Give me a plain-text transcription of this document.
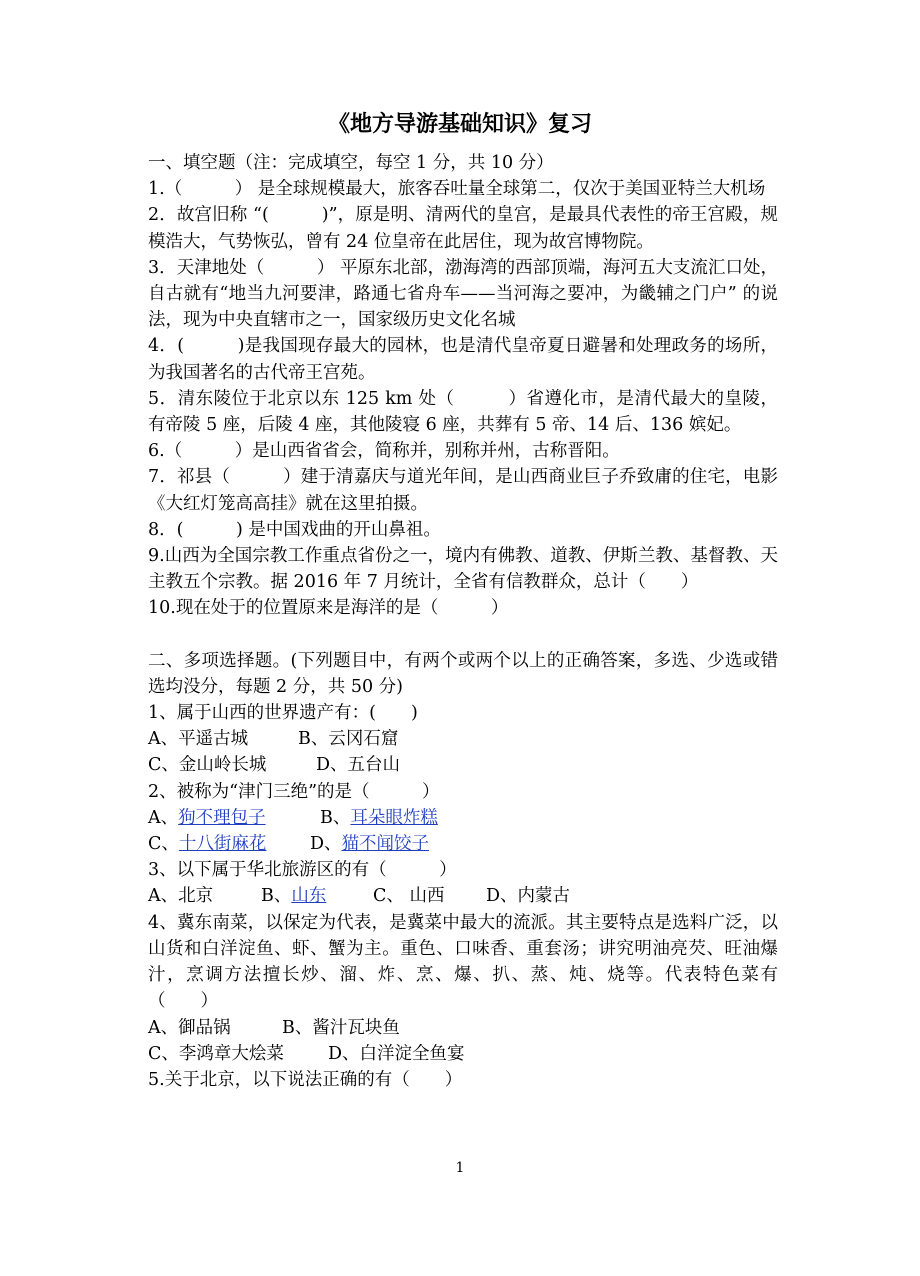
《地方导游基础知识》复习

一、填空题（注：完成填空，每空 1 分，共 10 分）

1.（　　　） 是全球规模最大，旅客吞吐量全球第二，仅次于美国亚特兰大机场

2．故宫旧称 “(　　　)”，原是明、清两代的皇宫，是最具代表性的帝王宫殿，规模浩大，气势恢弘，曾有 24 位皇帝在此居住，现为故宫博物院。

3．天津地处（　　　） 平原东北部，渤海湾的西部顶端，海河五大支流汇口处，自古就有“地当九河要津，路通七省舟车——当河海之要冲，为畿辅之门户” 的说法，现为中央直辖市之一，国家级历史文化名城

4．(　　　)是我国现存最大的园林，也是清代皇帝夏日避暑和处理政务的场所，为我国著名的古代帝王宫苑。

5．清东陵位于北京以东 125 km 处（　　　）省遵化市，是清代最大的皇陵，有帝陵 5 座，后陵 4 座，其他陵寝 6 座，共葬有 5 帝、14 后、136 嫔妃。

6.（　　　）是山西省省会，简称并，别称并州，古称晋阳。

7．祁县（　　　）建于清嘉庆与道光年间，是山西商业巨子乔致庸的住宅，电影《大红灯笼高高挂》就在这里拍摄。

8．(　　　) 是中国戏曲的开山鼻祖。

9.山西为全国宗教工作重点省份之一，境内有佛教、道教、伊斯兰教、基督教、天主教五个宗教。据 2016 年 7 月统计，全省有信教群众，总计（　　）

10.现在处于的位置原来是海洋的是（　　　）

二、多项选择题。(下列题目中，有两个或两个以上的正确答案，多选、少选或错选均没分，每题 2 分，共 50 分)

1、属于山西的世界遗产有：(　　)

A、平遥古城	B、云冈石窟

C、金山岭长城	D、五台山

2、被称为“津门三绝”的是（　　　）

A、狗不理包子	B、耳朵眼炸糕

C、十八街麻花 D、猫不闻饺子

3、以下属于华北旅游区的有（　　　）

A、北京	B、山东	C、 山西 D、内蒙古

4、冀东南菜，以保定为代表，是冀菜中最大的流派。其主要特点是选料广泛，以山货和白洋淀鱼、虾、蟹为主。重色、口味香、重套汤；讲究明油亮芡、旺油爆汁，烹调方法擅长炒、溜、炸、烹、爆、扒、蒸、炖、烧等。代表特色菜有（　　）

A、御品锅	B、酱汁瓦块鱼

C、李鸿章大烩菜	D、白洋淀全鱼宴

5.关于北京，以下说法正确的有（　　）

1
